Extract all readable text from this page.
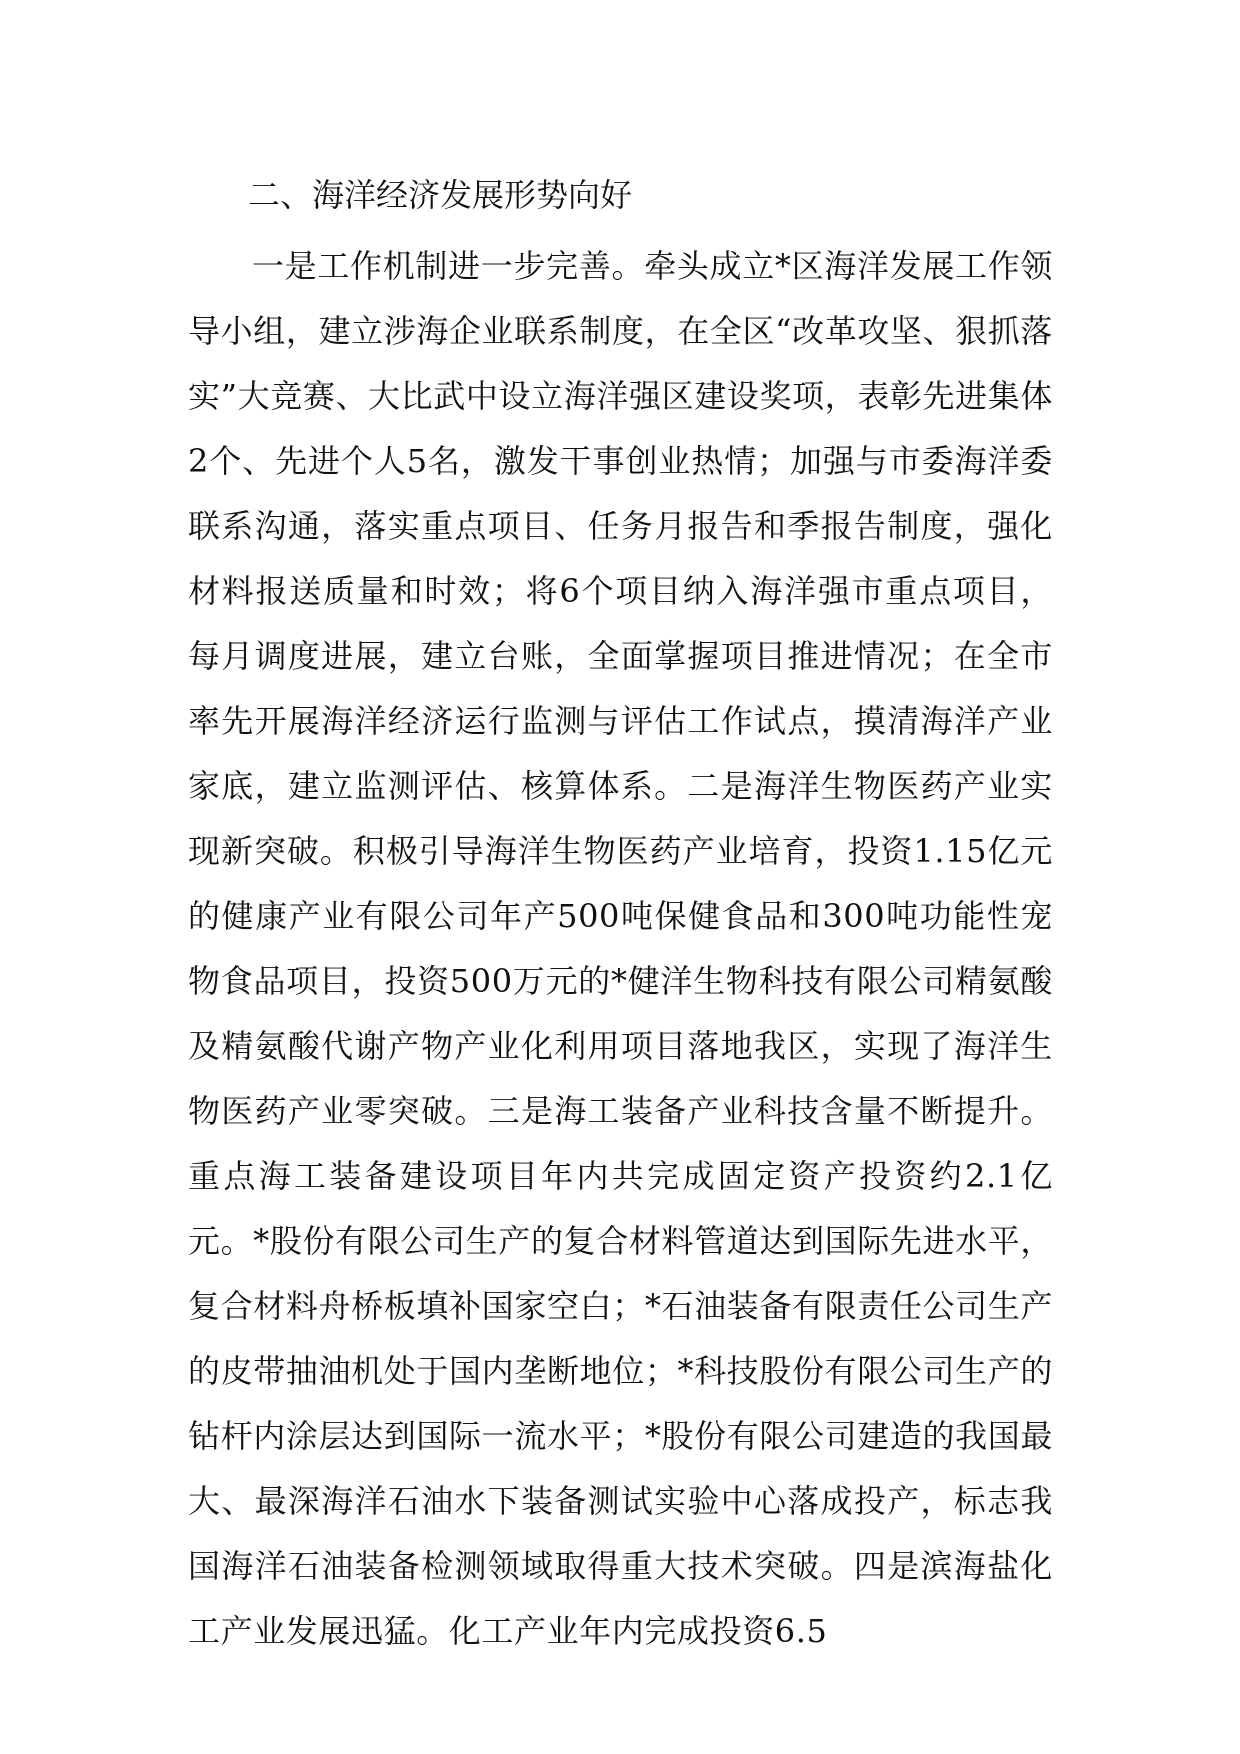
二、海洋经济发展形势向好

一是工作机制进一步完善。牵头成立*区海洋发展工作领导小组，建立涉海企业联系制度，在全区“改革攻坚、狠抓落实”大竞赛、大比武中设立海洋强区建设奖项，表彰先进集体2个、先进个人5名，激发干事创业热情；加强与市委海洋委联系沟通，落实重点项目、任务月报告和季报告制度，强化材料报送质量和时效；将6个项目纳入海洋强市重点项目，每月调度进展，建立台账，全面掌握项目推进情况；在全市率先开展海洋经济运行监测与评估工作试点，摸清海洋产业家底，建立监测评估、核算体系。二是海洋生物医药产业实现新突破。积极引导海洋生物医药产业培育，投资1.15亿元的健康产业有限公司年产500吨保健食品和300吨功能性宠物食品项目，投资500万元的*健洋生物科技有限公司精氨酸及精氨酸代谢产物产业化利用项目落地我区，实现了海洋生物医药产业零突破。三是海工装备产业科技含量不断提升。重点海工装备建设项目年内共完成固定资产投资约2.1亿元。*股份有限公司生产的复合材料管道达到国际先进水平，复合材料舟桥板填补国家空白；*石油装备有限责任公司生产的皮带抽油机处于国内垄断地位；*科技股份有限公司生产的钻杆内涂层达到国际一流水平；*股份有限公司建造的我国最大、最深海洋石油水下装备测试实验中心落成投产，标志我国海洋石油装备检测领域取得重大技术突破。四是滨海盐化工产业发展迅猛。化工产业年内完成投资6.5
